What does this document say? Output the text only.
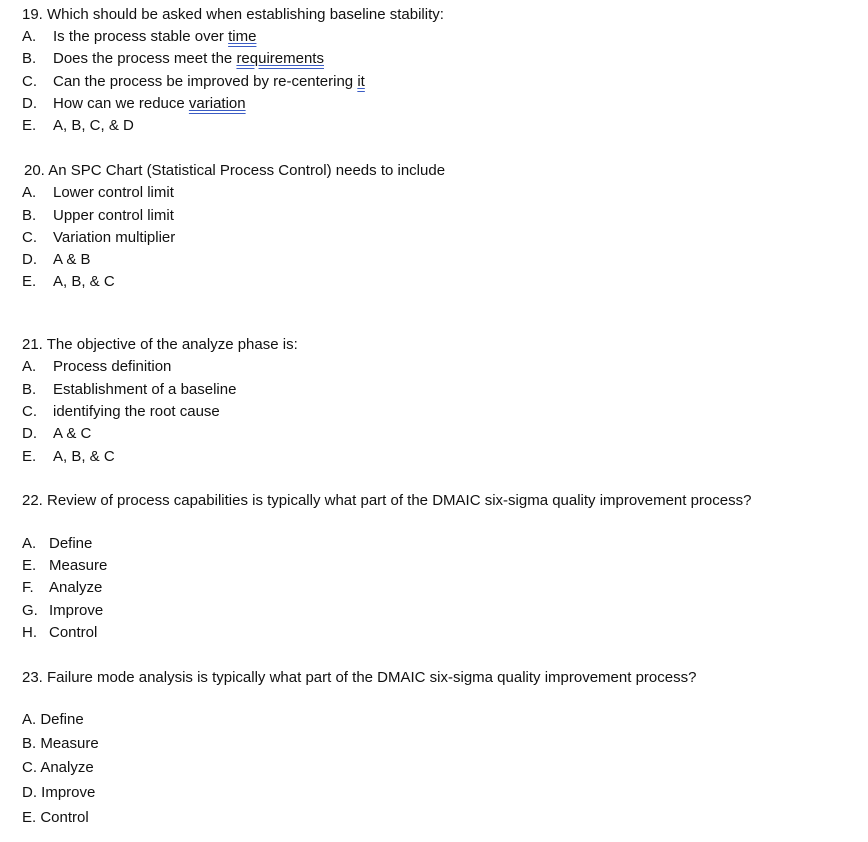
19. Which should be asked when establishing baseline stability:
A. Is the process stable over time
B. Does the process meet the requirements
C. Can the process be improved by re-centering it
D. How can we reduce variation
E. A, B, C, & D
20. An SPC Chart (Statistical Process Control) needs to include
A. Lower control limit
B. Upper control limit
C. Variation multiplier
D. A & B
E. A, B, & C
21. The objective of the analyze phase is:
A. Process definition
B. Establishment of a baseline
C. identifying the root cause
D. A & C
E. A, B, & C
22. Review of process capabilities is typically what part of the DMAIC six-sigma quality improvement process?
A. Define
E. Measure
F. Analyze
G. Improve
H. Control
23. Failure mode analysis is typically what part of the DMAIC six-sigma quality improvement process?
A. Define
B. Measure
C. Analyze
D. Improve
E. Control
